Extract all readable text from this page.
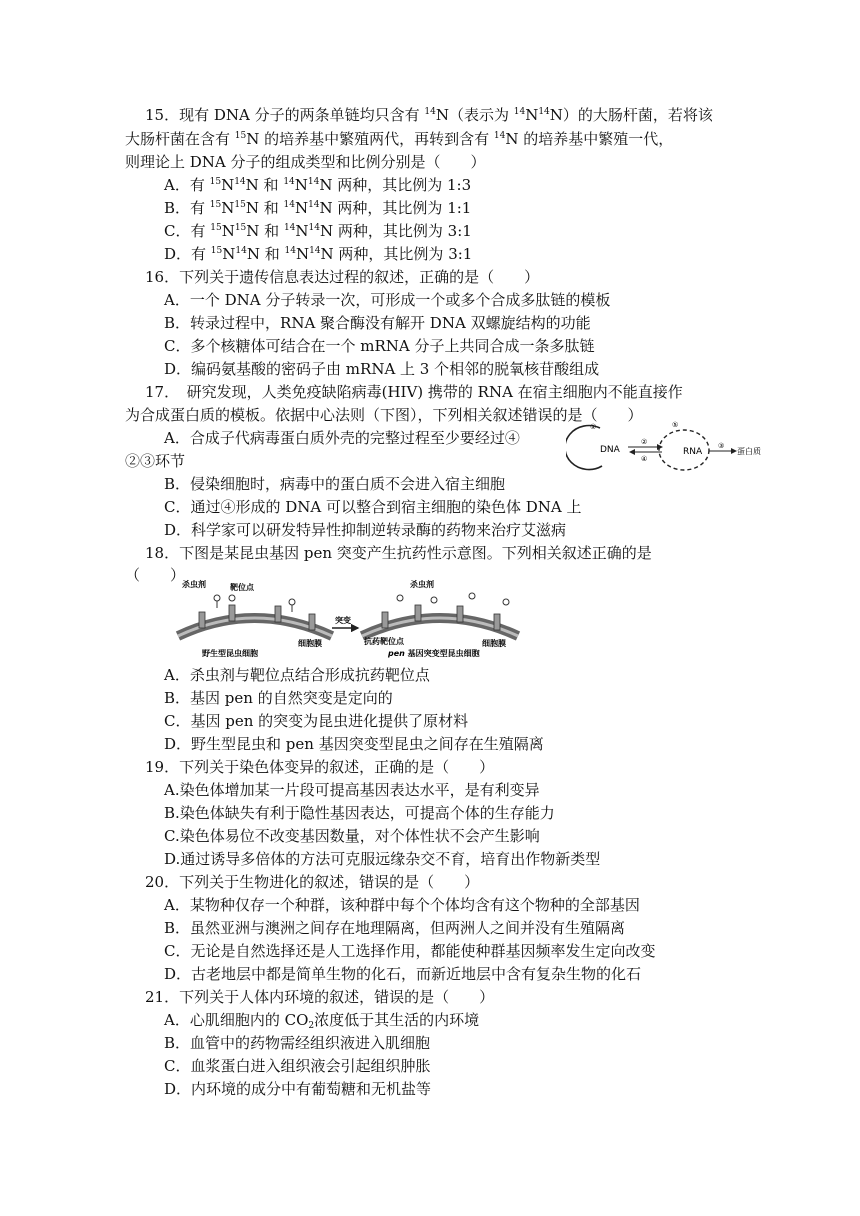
15．现有 DNA 分子的两条单链均只含有 $^{14}$N（表示为 $^{14}N^{14}N$）的大肠杆菌，若将该
大肠杆菌在含有 $^{15}$N 的培养基中繁殖两代，再转到含有 $^{14}$N 的培养基中繁殖一代，
则理论上 DNA 分子的组成类型和比例分别是（　　）
A．有 $^{15}N^{14}N$ 和 $^{14}N^{14}N$ 两种，其比例为 1:3
B．有 $^{15}N^{15}N$ 和 $^{14}N^{14}N$ 两种，其比例为 1:1
C．有 $^{15}N^{15}N$ 和 $^{14}N^{14}N$ 两种，其比例为 3:1
D．有 $^{15}N^{14}N$ 和 $^{14}N^{14}N$ 两种，其比例为 3:1
16．下列关于遗传信息表达过程的叙述，正确的是（　　）
A．一个 DNA 分子转录一次，可形成一个或多个合成多肽链的模板
B．转录过程中，RNA 聚合酶没有解开 DNA 双螺旋结构的功能
C．多个核糖体可结合在一个 mRNA 分子上共同合成一条多肽链
D．编码氨基酸的密码子由 mRNA 上 3 个相邻的脱氧核苷酸组成
17．　研究发现，人类免疫缺陷病毒(HIV) 携带的 RNA 在宿主细胞内不能直接作
为合成蛋白质的模板。依据中心法则（下图），下列相关叙述错误的是（　　）
A．合成子代病毒蛋白质外壳的完整过程至少要经过④
②③环节
B．侵染细胞时，病毒中的蛋白质不会进入宿主细胞
C．通过④形成的 DNA 可以整合到宿主细胞的染色体 DNA 上
D．科学家可以研发特异性抑制逆转录酶的药物来治疗艾滋病
①
DNA
②
④
⑤
RNA
③
蛋白质
18．下图是某昆虫基因 pen 突变产生抗药性示意图。下列相关叙述正确的是
（　　）
杀虫剂	靶位点
细胞膜
野生型昆虫细胞
突变
杀虫剂
抗药靶位点	细胞膜
pen 基因突变型昆虫细胞
A．杀虫剂与靶位点结合形成抗药靶位点
B．基因 pen 的自然突变是定向的
C．基因 pen 的突变为昆虫进化提供了原材料
D．野生型昆虫和 pen 基因突变型昆虫之间存在生殖隔离
19．下列关于染色体变异的叙述，正确的是（　　）
A.染色体增加某一片段可提高基因表达水平，是有利变异
B.染色体缺失有利于隐性基因表达，可提高个体的生存能力
C.染色体易位不改变基因数量，对个体性状不会产生影响
D.通过诱导多倍体的方法可克服远缘杂交不育，培育出作物新类型
20．下列关于生物进化的叙述，错误的是（　　）
A．某物种仅存一个种群，该种群中每个个体均含有这个物种的全部基因
B．虽然亚洲与澳洲之间存在地理隔离，但两洲人之间并没有生殖隔离
C．无论是自然选择还是人工选择作用，都能使种群基因频率发生定向改变
D．古老地层中都是简单生物的化石，而新近地层中含有复杂生物的化石
21．下列关于人体内环境的叙述，错误的是（　　）
A．心肌细胞内的 $CO_2$浓度低于其生活的内环境
B．血管中的药物需经组织液进入肌细胞
C．血浆蛋白进入组织液会引起组织肿胀
D．内环境的成分中有葡萄糖和无机盐等
